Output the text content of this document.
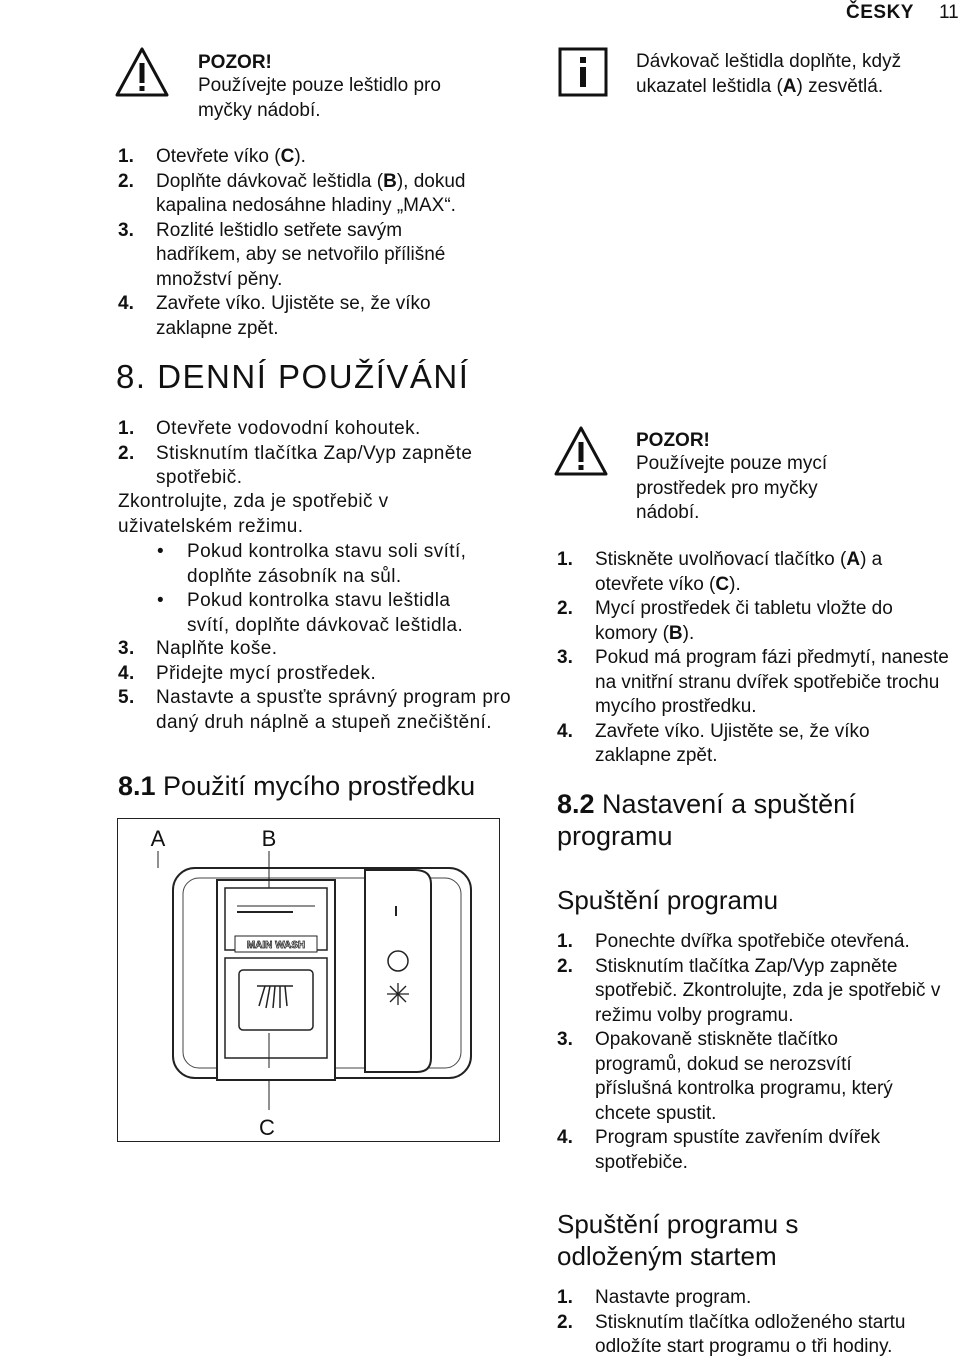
ČESKY 11
POZOR!
Používejte pouze leštidlo pro myčky nádobí.
1. Otevřete víko (C).
2. Doplňte dávkovač leštidla (B), dokud kapalina nedosáhne hladiny „MAX“.
3. Rozlité leštidlo setřete savým hadříkem, aby se netvořilo přílišné množství pěny.
4. Zavřete víko. Ujistěte se, že víko zaklapne zpět.
8. DENNÍ POUŽÍVÁNÍ
1. Otevřete vodovodní kohoutek.
2. Stisknutím tlačítka Zap/Vyp zapněte spotřebič.
Zkontrolujte, zda je spotřebič v uživatelském režimu.
• Pokud kontrolka stavu soli svítí, doplňte zásobník na sůl.
• Pokud kontrolka stavu leštidla svítí, doplňte dávkovač leštidla.
3. Naplňte koše.
4. Přidejte mycí prostředek.
5. Nastavte a spusťte správný program pro daný druh náplně a stupeň znečištění.
8.1 Použití mycího prostředku
MAIN WASH
A	B
C
Dávkovač leštidla doplňte, když ukazatel leštidla (A) zesvětlá.
POZOR!
Používejte pouze mycí prostředek pro myčky nádobí.
1. Stiskněte uvolňovací tlačítko (A) a otevřete víko (C).
2. Mycí prostředek či tabletu vložte do komory (B).
3. Pokud má program fázi předmytí, naneste na vnitřní stranu dvířek spotřebiče trochu mycího prostředku.
4. Zavřete víko. Ujistěte se, že víko zaklapne zpět.
8.2 Nastavení a spuštění programu
Spuštění programu
1. Ponechte dvířka spotřebiče otevřená.
2. Stisknutím tlačítka Zap/Vyp zapněte spotřebič. Zkontrolujte, zda je spotřebič v režimu volby programu.
3. Opakovaně stiskněte tlačítko programů, dokud se nerozsvítí příslušná kontrolka programu, který chcete spustit.
4. Program spustíte zavřením dvířek spotřebiče.
Spuštění programu s odloženým startem
1. Nastavte program.
2. Stisknutím tlačítka odloženého startu odložíte start programu o tři hodiny.
